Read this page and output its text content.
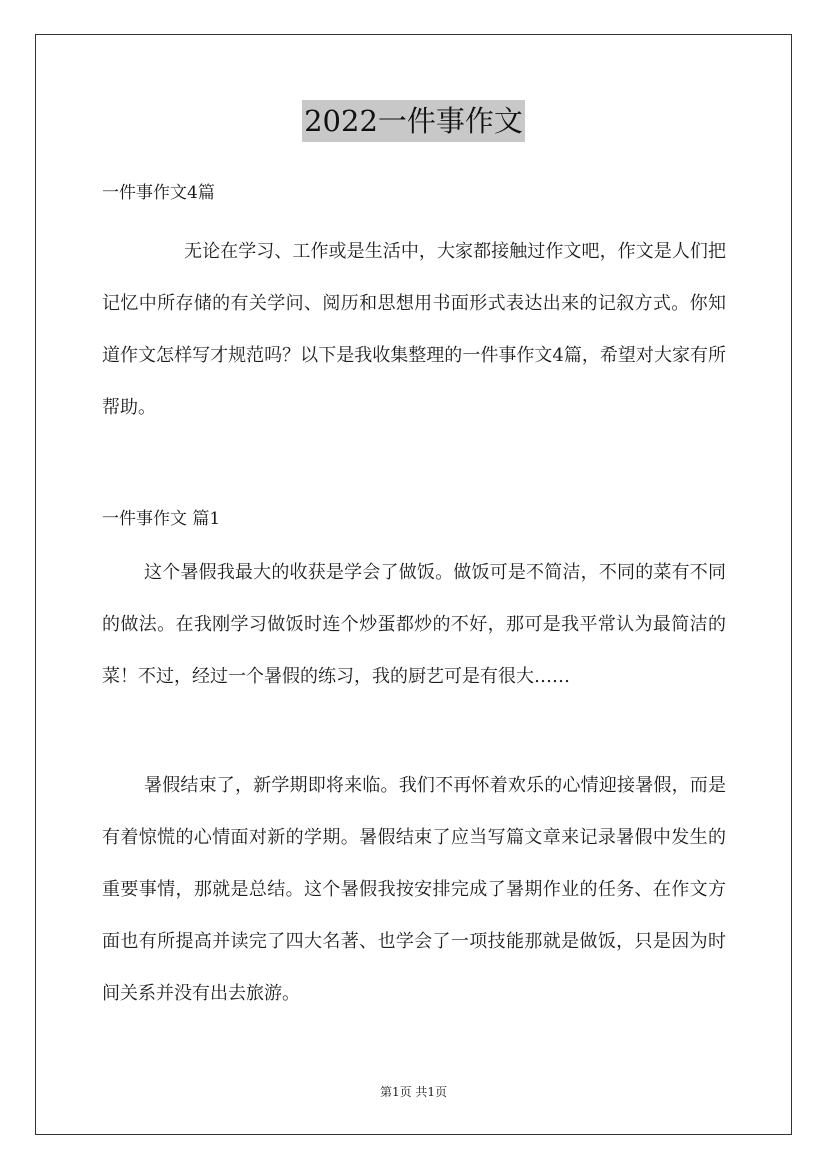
2022一件事作文
一件事作文4篇

无论在学习、工作或是生活中，大家都接触过作文吧，作文是人们把记忆中所存储的有关学问、阅历和思想用书面形式表达出来的记叙方式。你知道作文怎样写才规范吗？以下是我收集整理的一件事作文4篇，希望对大家有所帮助。

一件事作文 篇1

这个暑假我最大的收获是学会了做饭。做饭可是不简洁，不同的菜有不同的做法。在我刚学习做饭时连个炒蛋都炒的不好，那可是我平常认为最简洁的菜！不过，经过一个暑假的练习，我的厨艺可是有很大……

暑假结束了，新学期即将来临。我们不再怀着欢乐的心情迎接暑假，而是有着惊慌的心情面对新的学期。暑假结束了应当写篇文章来记录暑假中发生的重要事情，那就是总结。这个暑假我按安排完成了暑期作业的任务、在作文方面也有所提高并读完了四大名著、也学会了一项技能那就是做饭，只是因为时间关系并没有出去旅游。

第1页 共1页
